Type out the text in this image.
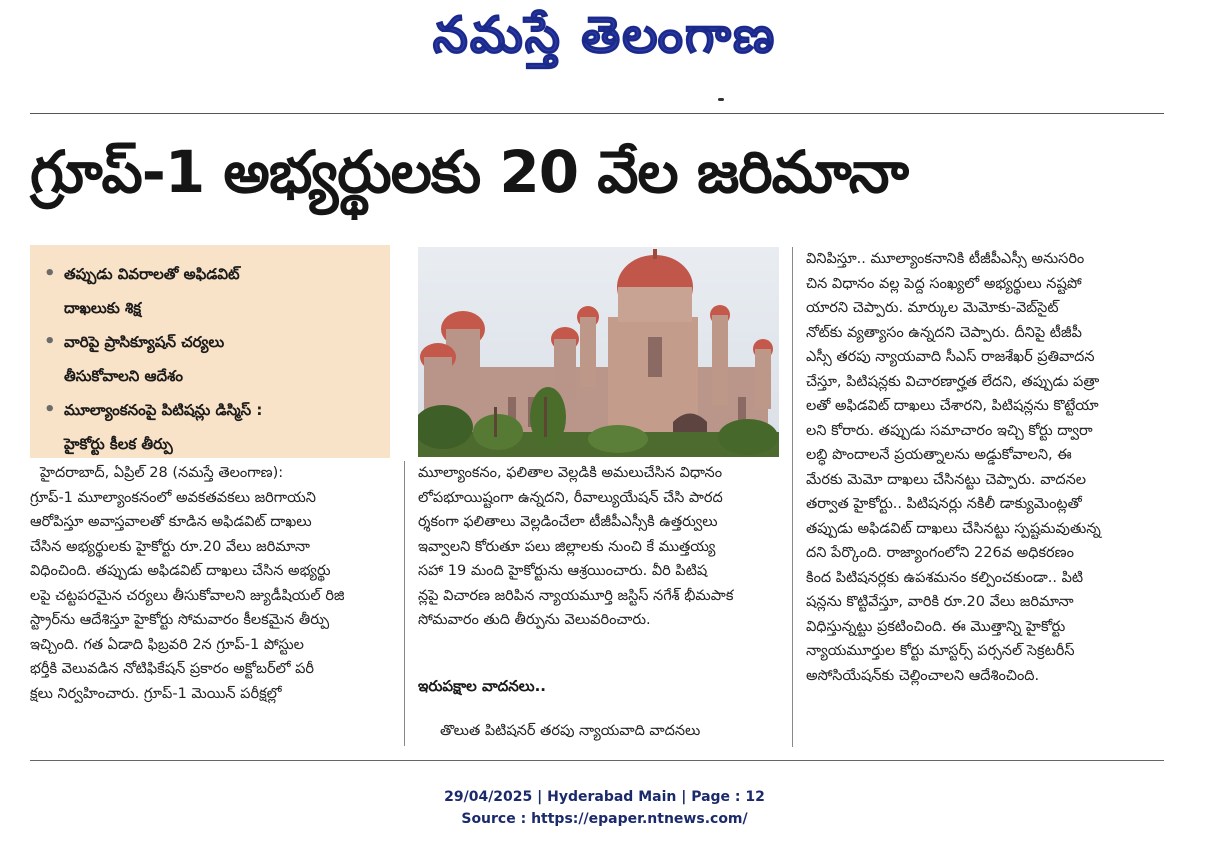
నమస్తే తెలంగాణ
గ్రూప్-1 అభ్యర్థులకు 20 వేల జరిమానా
• తప్పుడు వివరాలతో అఫిడవిట్
దాఖలుకు శిక్ష
• వారిపై ప్రాసిక్యూషన్ చర్యలు
తీసుకోవాలని ఆదేశం
• మూల్యాంకనంపై పిటిషన్లు డిస్మిస్ :
హైకోర్టు కీలక తీర్పు
హైదరాబాద్, ఏప్రిల్ 28 (నమస్తే తెలంగాణ):
గ్రూప్-1 మూల్యాంకనంలో అవకతవకలు జరిగాయని
ఆరోపిస్తూ అవాస్తవాలతో కూడిన అఫిడవిట్ దాఖలు
చేసిన అభ్యర్థులకు హైకోర్టు రూ.20 వేలు జరిమానా
విధించింది. తప్పుడు అఫిడవిట్ దాఖలు చేసిన అభ్యర్థు
లపై చట్టపరమైన చర్యలు తీసుకోవాలని జ్యుడీషియల్ రిజి
స్ట్రార్‌ను ఆదేశిస్తూ హైకోర్టు సోమవారం కీలకమైన తీర్పు
ఇచ్చింది. గత ఏడాది ఫిబ్రవరి 2న గ్రూప్-1 పోస్టుల
భర్తీకి వెలువడిన నోటిఫికేషన్ ప్రకారం అక్టోబర్‌లో పరీ
క్షలు నిర్వహించారు. గ్రూప్-1 మెయిన్ పరీక్షల్లో
మూల్యాంకనం, ఫలితాల వెల్లడికి అమలుచేసిన విధానం
లోపభూయిష్టంగా ఉన్నదని, రీవాల్యుయేషన్ చేసి పారద
ర్శకంగా ఫలితాలు వెల్లడించేలా టీజీపీఎస్సీకి ఉత్తర్వులు
ఇవ్వాలని కోరుతూ పలు జిల్లాలకు నుంచి కే ముత్తయ్య
సహా 19 మంది హైకోర్టును ఆశ్రయించారు. వీరి పిటిష
న్లపై విచారణ జరిపిన న్యాయమూర్తి జస్టిస్ నగేశ్ భీమపాక
సోమవారం తుది తీర్పును వెలువరించారు.
ఇరుపక్షాల వాదనలు..
తొలుత పిటిషనర్ తరపు న్యాయవాది వాదనలు
వినిపిస్తూ.. మూల్యాంకనానికి టీజీపీఎస్సీ అనుసరిం
చిన విధానం వల్ల పెద్ద సంఖ్యలో అభ్యర్థులు నష్టపో
యారని చెప్పారు. మార్కుల మెమోకు-వెబ్‌సైట్
నోట్‌కు వ్యత్యాసం ఉన్నదని చెప్పారు. దీనిపై టీజీపీ
ఎస్సీ తరపు న్యాయవాది సీఎస్ రాజశేఖర్ ప్రతివాదన
చేస్తూ, పిటిషన్లకు విచారణార్హత లేదని, తప్పుడు పత్రా
లతో అఫిడవిట్ దాఖలు చేశారని, పిటిషన్లను కొట్టేయా
లని కోరారు. తప్పుడు సమాచారం ఇచ్చి కోర్టు ద్వారా
లబ్ధి పొందాలనే ప్రయత్నాలను అడ్డుకోవాలని, ఈ
మేరకు మెమో దాఖలు చేసినట్టు చెప్పారు. వాదనల
తర్వాత హైకోర్టు.. పిటిషనర్లు నకిలీ డాక్యుమెంట్లతో
తప్పుడు అఫిడవిట్ దాఖలు చేసినట్టు స్పష్టమవుతున్న
దని పేర్కొంది. రాజ్యాంగంలోని 226వ అధికరణం
కింద పిటిషనర్లకు ఉపశమనం కల్పించకుండా.. పిటి
షన్లను కొట్టివేస్తూ, వారికి రూ.20 వేలు జరిమానా
విధిస్తున్నట్టు ప్రకటించింది. ఈ మొత్తాన్ని హైకోర్టు
న్యాయమూర్తుల కోర్టు మాస్టర్స్ పర్సనల్ సెక్రటరీస్
అసోసియేషన్‌కు చెల్లించాలని ఆదేశించింది.
29/04/2025 | Hyderabad Main | Page : 12
Source : https://epaper.ntnews.com/
